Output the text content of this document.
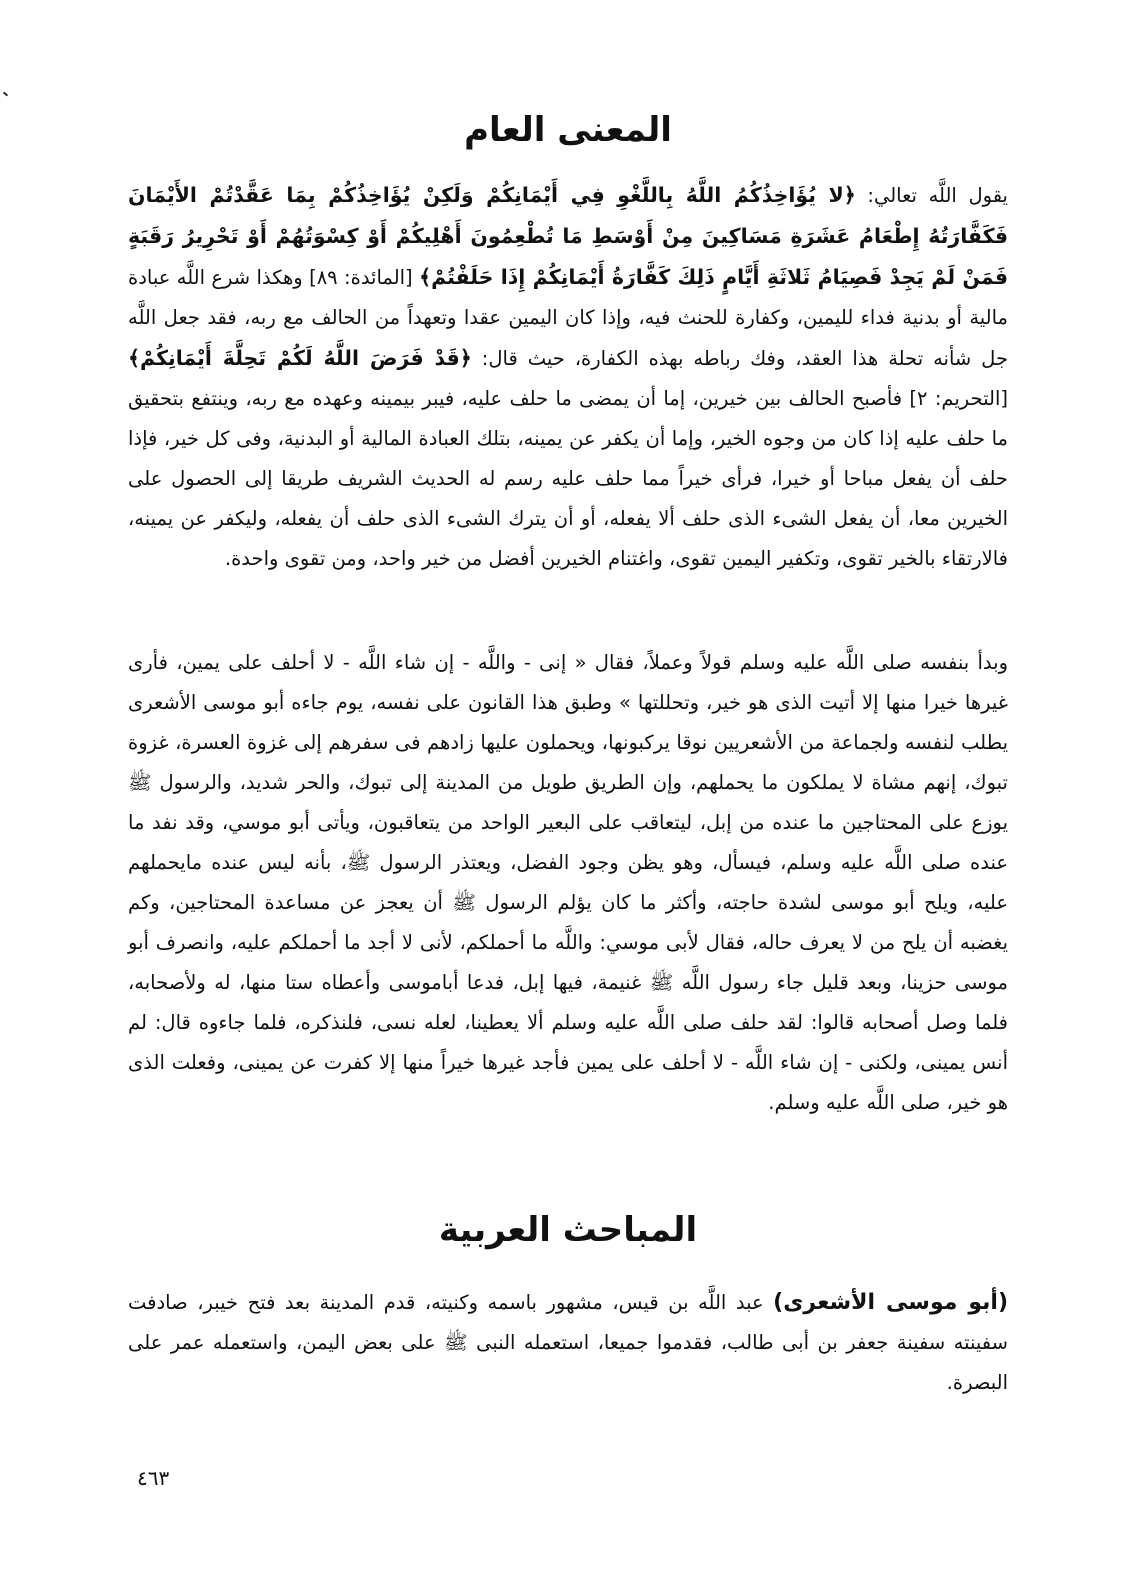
المعنى العام

يقول اللَّه تعالي: ﴿لا يُؤَاخِذُكُمُ اللَّهُ بِاللَّغْوِ فِي أَيْمَانِكُمْ وَلَكِنْ يُؤَاخِذُكُمْ بِمَا عَقَّدْتُمْ الأَيْمَانَ فَكَفَّارَتُهُ إِطْعَامُ عَشَرَةِ مَسَاكِينَ مِنْ أَوْسَطِ مَا تُطْعِمُونَ أَهْلِيكُمْ أَوْ كِسْوَتُهُمْ أَوْ تَحْرِيرُ رَقَبَةٍ فَمَنْ لَمْ يَجِدْ فَصِيَامُ ثَلاثَةِ أَيَّامٍ ذَلِكَ كَفَّارَةُ أَيْمَانِكُمْ إِذَا حَلَفْتُمْ﴾ [المائدة: ٨٩] وهكذا شرع اللَّه عبادة مالية أو بدنية فداء لليمين، وكفارة للحنث فيه، وإذا كان اليمين عقدا وتعهداً من الحالف مع ربه، فقد جعل اللَّه جل شأنه تحلة هذا العقد، وفك رباطه بهذه الكفارة، حيث قال: ﴿قَدْ فَرَضَ اللَّهُ لَكُمْ تَحِلَّةَ أَيْمَانِكُمْ﴾ [التحريم: ٢] فأصبح الحالف بين خيرين، إما أن يمضى ما حلف عليه، فيبر بيمينه وعهده مع ربه، وينتفع بتحقيق ما حلف عليه إذا كان من وجوه الخير، وإما أن يكفر عن يمينه، بتلك العبادة المالية أو البدنية، وفى كل خير، فإذا حلف أن يفعل مباحا أو خيرا، فرأى خيراً مما حلف عليه رسم له الحديث الشريف طريقا إلى الحصول على الخيرين معا، أن يفعل الشىء الذى حلف ألا يفعله، أو أن يترك الشىء الذى حلف أن يفعله، وليكفر عن يمينه، فالارتقاء بالخير تقوى، وتكفير اليمين تقوى، واغتنام الخيرين أفضل من خير واحد، ومن تقوى واحدة.

وبدأ بنفسه صلى اللَّه عليه وسلم قولاً وعملاً، فقال « إنى - واللَّه - إن شاء اللَّه - لا أحلف على يمين، فأرى غيرها خيرا منها إلا أتيت الذى هو خير، وتحللتها » وطبق هذا القانون على نفسه، يوم جاءه أبو موسى الأشعرى يطلب لنفسه ولجماعة من الأشعريين نوقا يركبونها، ويحملون عليها زادهم فى سفرهم إلى غزوة العسرة، غزوة تبوك، إنهم مشاة لا يملكون ما يحملهم، وإن الطريق طويل من المدينة إلى تبوك، والحر شديد، والرسول ﷺ يوزع على المحتاجين ما عنده من إبل، ليتعاقب على البعير الواحد من يتعاقبون، ويأتى أبو موسي، وقد نفد ما عنده صلى اللَّه عليه وسلم، فيسأل، وهو يظن وجود الفضل، ويعتذر الرسول ﷺ، بأنه ليس عنده مايحملهم عليه، ويلح أبو موسى لشدة حاجته، وأكثر ما كان يؤلم الرسول ﷺ أن يعجز عن مساعدة المحتاجين، وكم يغضبه أن يلح من لا يعرف حاله، فقال لأبى موسي: واللَّه ما أحملكم، لأنى لا أجد ما أحملكم عليه، وانصرف أبو موسى حزينا، وبعد قليل جاء رسول اللَّه ﷺ غنيمة، فيها إبل، فدعا أباموسى وأعطاه ستا منها، له ولأصحابه، فلما وصل أصحابه قالوا: لقد حلف صلى اللَّه عليه وسلم ألا يعطينا، لعله نسى، فلنذكره، فلما جاءوه قال: لم أنس يمينى، ولكنى - إن شاء اللَّه - لا أحلف على يمين فأجد غيرها خيراً منها إلا كفرت عن يمينى، وفعلت الذى هو خير، صلى اللَّه عليه وسلم.

المباحث العربية

(أبو موسى الأشعرى) عبد اللَّه بن قيس، مشهور باسمه وكنيته، قدم المدينة بعد فتح خيبر، صادفت سفينته سفينة جعفر بن أبى طالب، فقدموا جميعا، استعمله النبى ﷺ على بعض اليمن، واستعمله عمر على البصرة.

٤٦٣
